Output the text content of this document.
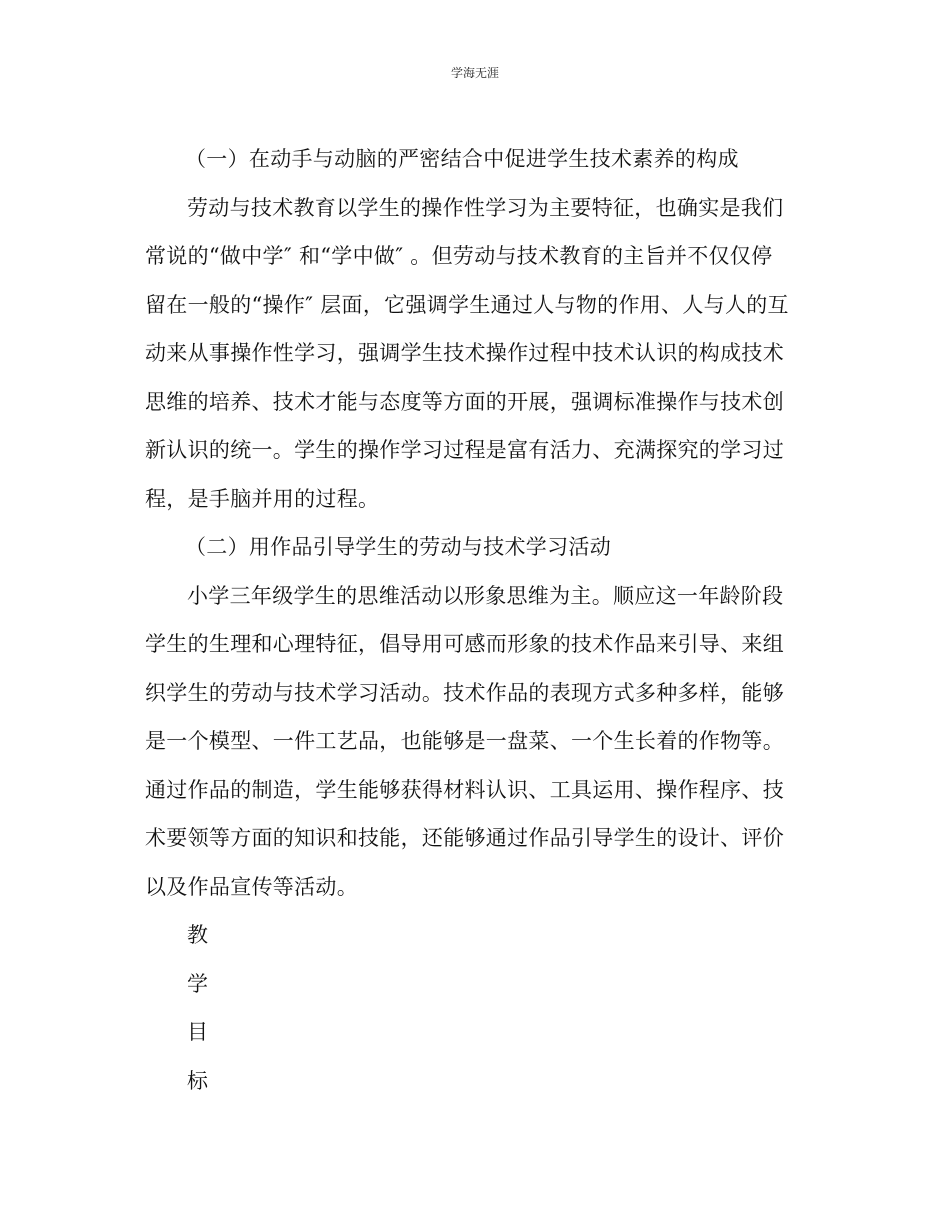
学海无涯
（一）在动手与动脑的严密结合中促进学生技术素养的构成
劳动与技术教育以学生的操作性学习为主要特征，也确实是我们
常说的“做中学″ 和“学中做″ 。但劳动与技术教育的主旨并不仅仅停
留在一般的“操作″ 层面，它强调学生通过人与物的作用、人与人的互
动来从事操作性学习，强调学生技术操作过程中技术认识的构成技术
思维的培养、技术才能与态度等方面的开展，强调标准操作与技术创
新认识的统一。学生的操作学习过程是富有活力、充满探究的学习过
程，是手脑并用的过程。
（二）用作品引导学生的劳动与技术学习活动
小学三年级学生的思维活动以形象思维为主。顺应这一年龄阶段
学生的生理和心理特征，倡导用可感而形象的技术作品来引导、来组
织学生的劳动与技术学习活动。技术作品的表现方式多种多样，能够
是一个模型、一件工艺品，也能够是一盘菜、一个生长着的作物等。
通过作品的制造，学生能够获得材料认识、工具运用、操作程序、技
术要领等方面的知识和技能，还能够通过作品引导学生的设计、评价
以及作品宣传等活动。
教
学
目
标
